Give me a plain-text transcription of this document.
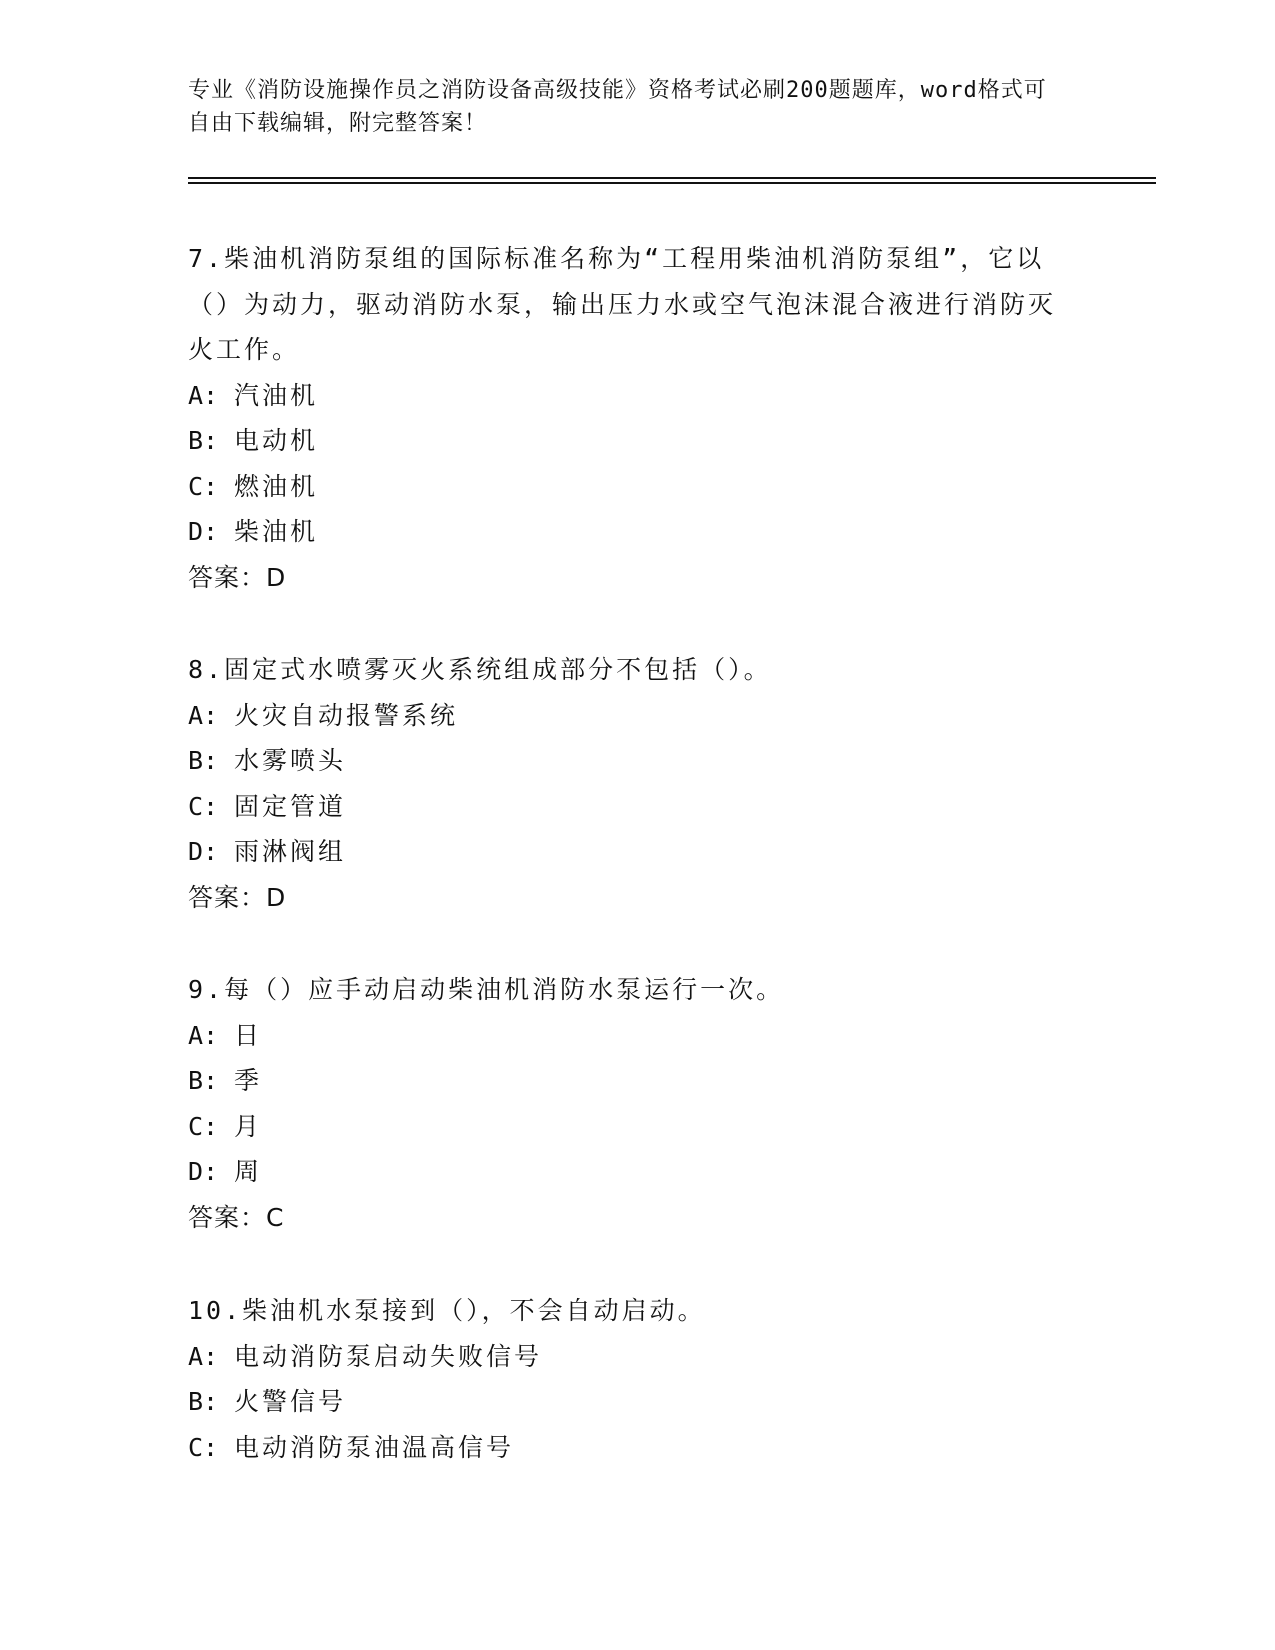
专业《消防设施操作员之消防设备高级技能》资格考试必刷200题题库，word格式可自由下载编辑，附完整答案！
7.柴油机消防泵组的国际标准名称为“工程用柴油机消防泵组”，它以（）为动力，驱动消防水泵，输出压力水或空气泡沫混合液进行消防灭火工作。
A: 汽油机
B: 电动机
C: 燃油机
D: 柴油机
答案：D
8.固定式水喷雾灭火系统组成部分不包括（）。
A: 火灾自动报警系统
B: 水雾喷头
C: 固定管道
D: 雨淋阀组
答案：D
9.每（）应手动启动柴油机消防水泵运行一次。
A: 日
B: 季
C: 月
D: 周
答案：C
10.柴油机水泵接到（），不会自动启动。
A: 电动消防泵启动失败信号
B: 火警信号
C: 电动消防泵油温高信号
